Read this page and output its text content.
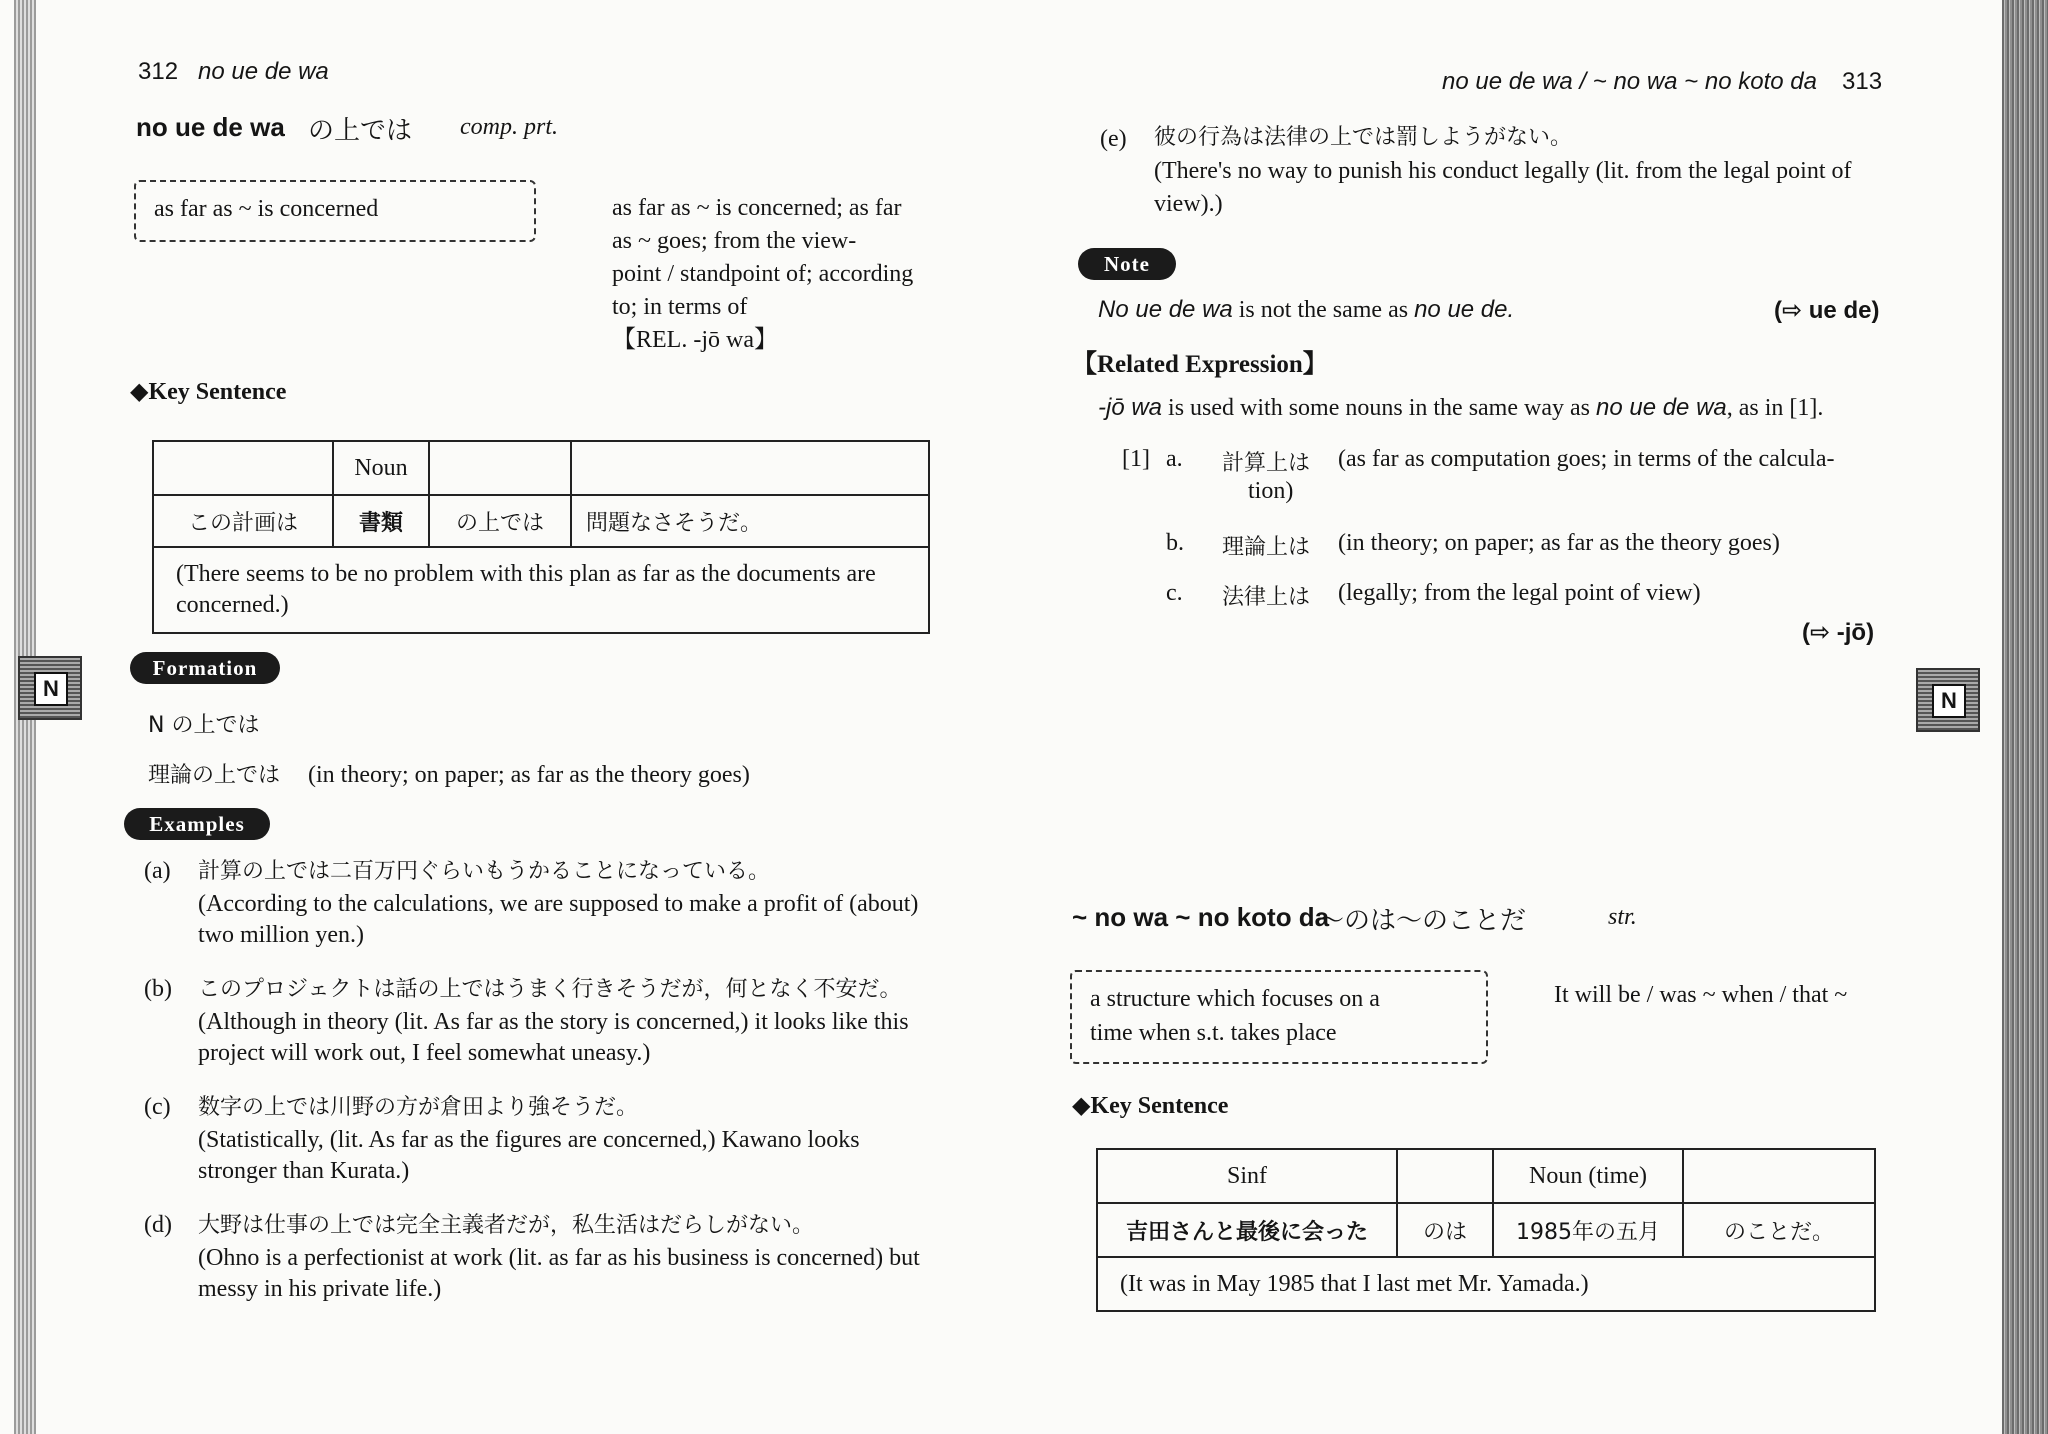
312 no ue de wa
no ue de wa の上では comp. prt.
as far as ~ is concerned	as far as ~ is concerned; as far
as ~ goes; from the view-
point / standpoint of; according
to; in terms of
【REL. -jō wa】
◆Key Sentence
	Noun		
この計画は	書類	の上では	問題なさそうだ。
(There seems to be no problem with this plan as far as the documents are concerned.)			
Formation
N の上では
理論の上では (in theory; on paper; as far as the theory goes)
Examples
(a) 計算の上では二百万円ぐらいもうかることになっている。
(According to the calculations, we are supposed to make a profit of (about) two million yen.)
(b) このプロジェクトは話の上ではうまく行きそうだが，何となく不安だ。
(Although in theory (lit. As far as the story is concerned,) it looks like this project will work out, I feel somewhat uneasy.)
(c) 数字の上では川野の方が倉田より強そうだ。
(Statistically, (lit. As far as the figures are concerned,) Kawano looks stronger than Kurata.)
(d) 大野は仕事の上では完全主義者だが，私生活はだらしがない。
(Ohno is a perfectionist at work (lit. as far as his business is concerned) but messy in his private life.)
N
no ue de wa / ~ no wa ~ no koto da 313
(e) 彼の行為は法律の上では罰しようがない。
(There's no way to punish his conduct legally (lit. from the legal point of view).)
Note
No ue de wa is not the same as no ue de.	(⇨ ue de)
【Related Expression】
-jō wa is used with some nouns in the same way as no ue de wa, as in [1].
[1] a. 計算上は (as far as computation goes; in terms of the calcula-
tion)
b. 理論上は (in theory; on paper; as far as the theory goes)
c. 法律上は (legally; from the legal point of view)
(⇨ -jō)
N
~ no wa ~ no koto da
～のは～のことだ	str.
a structure which focuses on a
time when s.t. takes place
It will be / was ~ when / that ~
◆Key Sentence
Sinf		Noun (time)	
吉田さんと最後に会った	のは	1985年の五月	のことだ。
(It was in May 1985 that I last met Mr. Yamada.)			
